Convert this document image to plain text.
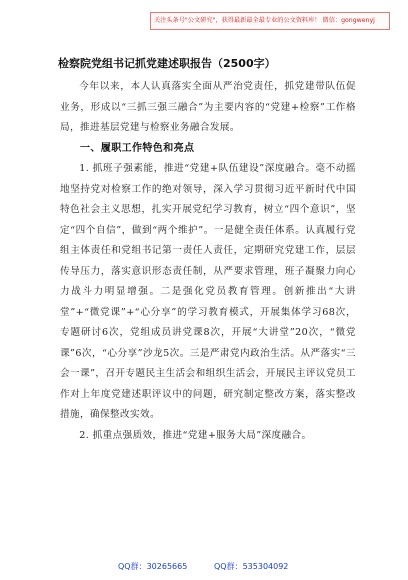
关注头条号"公文研究"，获得最新最全最专业的公文资料库！ 微信：gongwenyj
检察院党组书记抓党建述职报告（2500字）

今年以来，本人认真落实全面从严治党责任，抓党建带队伍促业务，形成以“三抓三强三融合”为主要内容的“党建+检察”工作格局，推进基层党建与检察业务融合发展。

一、履职工作特色和亮点

1. 抓班子强素能，推进“党建+队伍建设”深度融合。毫不动摇地坚持党对检察工作的绝对领导，深入学习贯彻习近平新时代中国特色社会主义思想，扎实开展党纪学习教育，树立“四个意识”，坚定“四个自信”，做到“两个维护”。一是健全责任体系。认真履行党组主体责任和党组书记第一责任人责任，定期研究党建工作，层层传导压力，落实意识形态责任制，从严要求管理，班子凝聚力向心力战斗力明显增强。二是强化党员教育管理。创新推出“大讲堂”+“微党课”+“心分享”的学习教育模式，开展集体学习68次，专题研讨6次，党组成员讲党课8次，开展“大讲堂”20次，“微党课”6次，“心分享”沙龙5次。三是严肃党内政治生活。从严落实“三会一课”，召开专题民主生活会和组织生活会，开展民主评议党员工作对上年度党建述职评议中的问题，研究制定整改方案，落实整改措施，确保整改实效。

2. 抓重点强质效，推进“党建+服务大局”深度融合。

QQ群：30265665	QQ群：535304092
